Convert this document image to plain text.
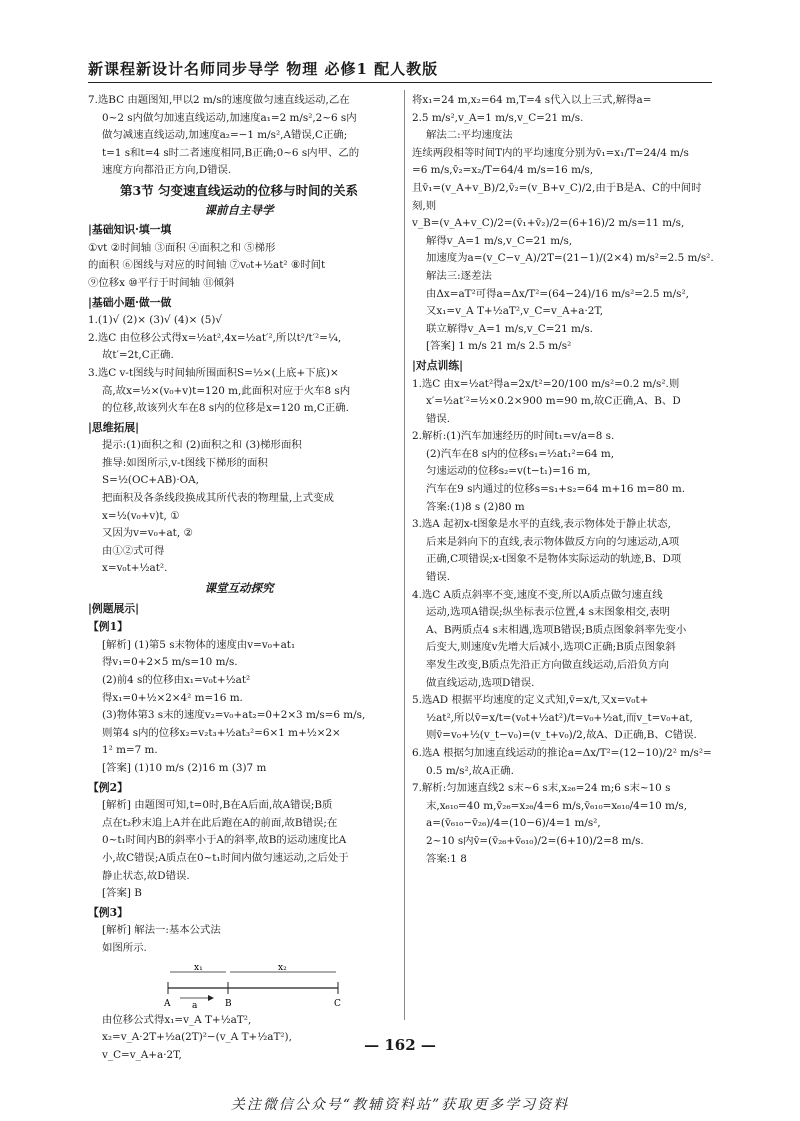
新课程新设计名师同步导学 物理 必修1 配人教版

7.选BC 由题图知,甲以2 m/s的速度做匀速直线运动,乙在

0~2 s内做匀加速直线运动,加速度a₁=2 m/s²,2~6 s内

做匀减速直线运动,加速度a₂=−1 m/s²,A错误,C正确;

t=1 s和t=4 s时二者速度相同,B正确;0~6 s内甲、乙的

速度方向都沿正方向,D错误.

第3节 匀变速直线运动的位移与时间的关系

课前自主导学

|基础知识·填一填

①vt ②时间轴 ③面积 ④面积之和 ⑤梯形

的面积 ⑥图线与对应的时间轴 ⑦v₀t+½at² ⑧时间t

⑨位移x ⑩平行于时间轴 ⑪倾斜

|基础小题·做一做

1.(1)√ (2)× (3)√ (4)× (5)√

2.选C 由位移公式得x=½at²,4x=½at′²,所以t²/t′²=¼,

故t′=2t,C正确.

3.选C v-t图线与时间轴所围面积S=½×(上底+下底)×

高,故x=½×(v₀+v)t=120 m,此面积对应于火车8 s内

的位移,故该列火车在8 s内的位移是x=120 m,C正确.

|思维拓展|

提示:(1)面积之和 (2)面积之和 (3)梯形面积

推导:如图所示,v-t图线下梯形的面积

S=½(OC+AB)·OA,

把面积及各条线段换成其所代表的物理量,上式变成

x=½(v₀+v)t, ①

又因为v=v₀+at, ②

由①②式可得

x=v₀t+½at².

课堂互动探究

|例题展示|

【例1】

[解析] (1)第5 s末物体的速度由v=v₀+at₁

得v₁=0+2×5 m/s=10 m/s.

(2)前4 s的位移由x₁=v₀t+½at²

得x₁=0+½×2×4² m=16 m.

(3)物体第3 s末的速度v₂=v₀+at₂=0+2×3 m/s=6 m/s,

则第4 s内的位移x₂=v₂t₃+½at₃²=6×1 m+½×2×

1² m=7 m.

[答案] (1)10 m/s (2)16 m (3)7 m

【例2】

[解析] 由题图可知,t=0时,B在A后面,故A错误;B质

点在t₂秒末追上A并在此后跑在A的前面,故B错误;在

0~t₁时间内B的斜率小于A的斜率,故B的运动速度比A

小,故C错误;A质点在0~t₁时间内做匀速运动,之后处于

静止状态,故D错误.

[答案] B

【例3】

[解析] 解法一:基本公式法

如图所示.

x₁	x₂
a
A	B	C

由位移公式得x₁=v_A T+½aT²,

x₂=v_A·2T+½a(2T)²−(v_A T+½aT²),

v_C=v_A+a·2T,

将x₁=24 m,x₂=64 m,T=4 s代入以上三式,解得a=

2.5 m/s²,v_A=1 m/s,v_C=21 m/s.

解法二:平均速度法

连续两段相等时间T内的平均速度分别为v̄₁=x₁/T=24/4 m/s

=6 m/s,v̄₂=x₂/T=64/4 m/s=16 m/s,

且v̄₁=(v_A+v_B)/2,v̄₂=(v_B+v_C)/2,由于B是A、C的中间时刻,则

v_B=(v_A+v_C)/2=(v̄₁+v̄₂)/2=(6+16)/2 m/s=11 m/s,

解得v_A=1 m/s,v_C=21 m/s,

加速度为a=(v_C−v_A)/2T=(21−1)/(2×4) m/s²=2.5 m/s².

解法三:逐差法

由Δx=aT²可得a=Δx/T²=(64−24)/16 m/s²=2.5 m/s²,

又x₁=v_A T+½aT²,v_C=v_A+a·2T,

联立解得v_A=1 m/s,v_C=21 m/s.

[答案] 1 m/s 21 m/s 2.5 m/s²

|对点训练|

1.选C 由x=½at²得a=2x/t²=20/100 m/s²=0.2 m/s².则

x′=½at′²=½×0.2×900 m=90 m,故C正确,A、B、D

错误.

2.解析:(1)汽车加速经历的时间t₁=v/a=8 s.

(2)汽车在8 s内的位移s₁=½at₁²=64 m,

匀速运动的位移s₂=v(t−t₁)=16 m,

汽车在9 s内通过的位移s=s₁+s₂=64 m+16 m=80 m.

答案:(1)8 s (2)80 m

3.选A 起初x-t图象是水平的直线,表示物体处于静止状态,

后来是斜向下的直线,表示物体做反方向的匀速运动,A项

正确,C项错误;x-t图象不是物体实际运动的轨迹,B、D项

错误.

4.选C A质点斜率不变,速度不变,所以A质点做匀速直线

运动,选项A错误;纵坐标表示位置,4 s末图象相交,表明

A、B两质点4 s末相遇,选项B错误;B质点图象斜率先变小

后变大,则速度v先增大后减小,选项C正确;B质点图象斜

率发生改变,B质点先沿正方向做直线运动,后沿负方向

做直线运动,选项D错误.

5.选AD 根据平均速度的定义式知,v̄=x/t,又x=v₀t+

½at²,所以v̄=x/t=(v₀t+½at²)/t=v₀+½at,而v_t=v₀+at,

则v̄=v₀+½(v_t−v₀)=(v_t+v₀)/2,故A、D正确,B、C错误.

6.选A 根据匀加速直线运动的推论a=Δx/T²=(12−10)/2² m/s²=

0.5 m/s²,故A正确.

7.解析:匀加速直线2 s末~6 s末,x₂₆=24 m;6 s末~10 s

末,x₆₁₀=40 m,v̄₂₆=x₂₆/4=6 m/s,v̄₆₁₀=x₆₁₀/4=10 m/s,

a=(v̄₆₁₀−v̄₂₆)/4=(10−6)/4=1 m/s²,

2~10 s内v̄=(v̄₂₆+v̄₆₁₀)/2=(6+10)/2=8 m/s.

答案:1 8

— 162 —
关注微信公众号“教辅资料站”获取更多学习资料
